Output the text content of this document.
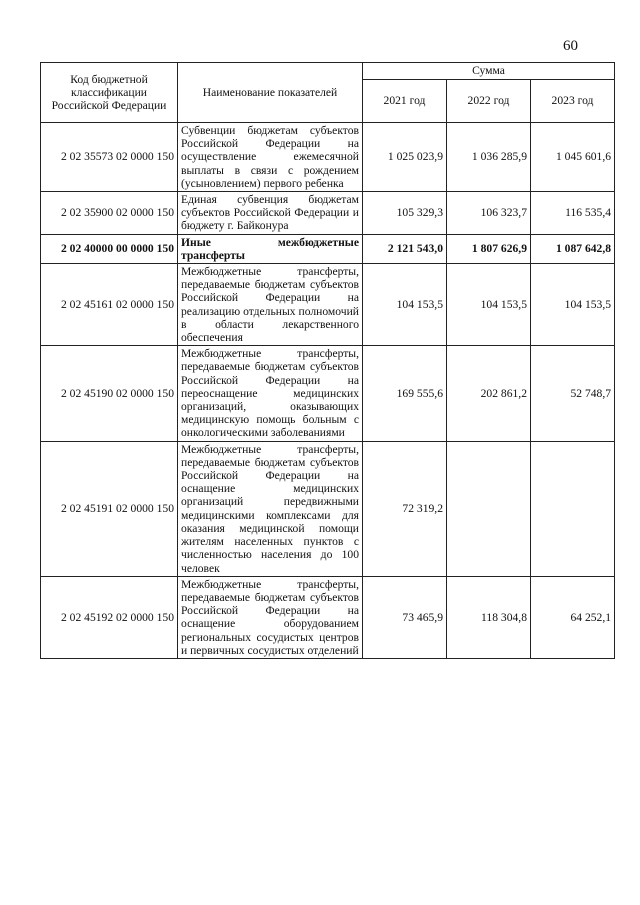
60
Код бюджетной классификации Российской Федерации	Наименование показателей	Сумма		
		2021 год	2022 год	2023 год
2 02 35573 02 0000 150	Субвенции бюджетам субъектов Российской Федерации на осуществление ежемесячной выплаты в связи с рождением (усыновлением) первого ребенка	1 025 023,9	1 036 285,9	1 045 601,6
2 02 35900 02 0000 150	Единая субвенция бюджетам субъектов Российской Федерации и бюджету г. Байконура	105 329,3	106 323,7	116 535,4
2 02 40000 00 0000 150	Иные межбюджетные трансферты	2 121 543,0	1 807 626,9	1 087 642,8
2 02 45161 02 0000 150	Межбюджетные трансферты, передаваемые бюджетам субъектов Российской Федерации на реализацию отдельных полномочий в области лекарственного обеспечения	104 153,5	104 153,5	104 153,5
2 02 45190 02 0000 150	Межбюджетные трансферты, передаваемые бюджетам субъектов Российской Федерации на переоснащение медицинских организаций, оказывающих медицинскую помощь больным с онкологическими заболеваниями	169 555,6	202 861,2	52 748,7
2 02 45191 02 0000 150	Межбюджетные трансферты, передаваемые бюджетам субъектов Российской Федерации на оснащение медицинских организаций передвижными медицинскими комплексами для оказания медицинской помощи жителям населенных пунктов с численностью населения до 100 человек	72 319,2		
2 02 45192 02 0000 150	Межбюджетные трансферты, передаваемые бюджетам субъектов Российской Федерации на оснащение оборудованием региональных сосудистых центров и первичных сосудистых отделений	73 465,9	118 304,8	64 252,1
